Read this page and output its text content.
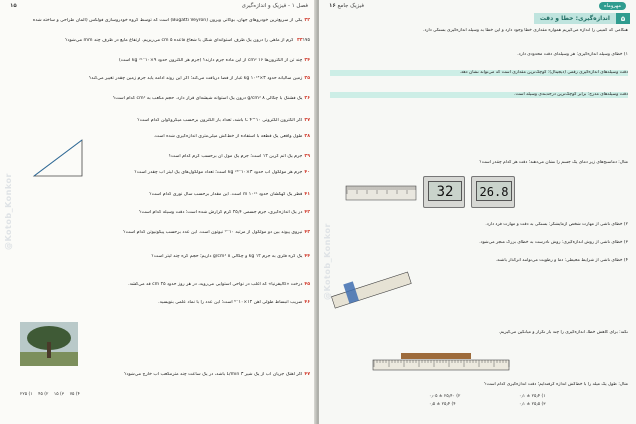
فصل ۱ - فیزیک و اندازه‌گیری
۱۵
@Kotob_Konkor
۳۲یکی از سریع‌ترین خودروهای جهان، بوگاتی ویرون (Bugatti Veyron) است که توسط گروه خودروسازی فولکس (آلمان طراحی و ساخته شده
۳۳۱۷۵ گرم از ماهی را درون یک ظرف استوانه‌ای شکل با شعاع قاعده ۵ cm می‌ریزیم. ارتفاع مایع در ظرف چند mm می‌شود؟
۳۴چند تن از الکترون‌ها ۱۶ cm² از این ماده جرم دارند؟ (جرم هر الکترون حدود ۹×۱۰⁻³¹ kg است)
۳۵زمین سالیانه حدود ۳×۱۰¹⁴ kg غبار از فضا دریافت می‌کند؛ اگر این روند ادامه یابد جرم زمین چقدر تغییر می‌کند؟
۳۶یک فشنگ با چگالی ۸ g/cm³ درون یک استوانه شیشه‌ای قرار دارد. حجم مکعب به cm³ کدام است؟
۳۷اگر الکترون الکترونی ۱۰^۴ C باشد، تعداد بار الکترون برحسب میکروکولن کدام است؟
۳۸طول واقعی یک قطعه با استفاده از خط‌کش میلی‌متری اندازه‌گیری شده است.
۳۹جرم یک اتم کربن ۱۲ است؛ جرم یک مول آن برحسب گرم کدام است؟
۴۰جرم هر مولکول آب حدود ۳×۱۰⁻²⁶ kg است؛ تعداد مولکول‌های یک لیتر آب چقدر است؟
۴۱قطر یک کهکشان حدود ۱۰²¹ m است. این مقدار برحسب سال نوری کدام است؟
۴۲در یک اندازه‌گیری، جرم جسمی ۲۵٫۴ گرم گزارش شده است؛ دقت وسیله کدام است؟
۴۳نیروی پیوند بین دو مولکول از مرتبه ۱۰⁻⁹ نیوتون است. این عدد برحسب پیکونیوتن کدام است؟
۴۴یک کره فلزی به جرم ۱۲ kg و چگالی ۸ g/cm³ داریم؛ حجم کره چند لیتر است؟
۴۵درخت «کالیفرنیا» که اغلب در نواحی استوایی می‌روید، در هر روز حدود ۲۵ cm قد می‌کشد.
۴۶ضریب انبساط طولی آهن ۱۲×۱۰⁻⁶ است؛ این عدد را با نماد علمی بنویسید.
۴۷اگر آهنگ جریان آب از یک شیر ۳ L/min باشد، در یک ساعت چند مترمکعب آب خارج می‌شود؟
۴) ۷۵    ۳) ۱۵    ۲) ۴۵    ۱) ۲۲۵
مهروماه
فیزیک جامع ۱۶
اندازه‌گیری: خطا و دقت	۵
@Kotob_Konkor
هنگامی که کمیتی را اندازه می‌گیریم همواره مقداری خطا وجود دارد و این خطا به وسیله اندازه‌گیری بستگی دارد.
۱) خطای وسیله اندازه‌گیری: هر وسیله‌ای دقت محدودی دارد.
دقت وسیله‌های اندازه‌گیری رقمی (دیجیتال): کوچک‌ترین مقداری است که می‌تواند نشان دهد.
دقت وسیله‌های مدرج: برابر کوچک‌ترین درجه‌بندی وسیله است.
مثال: دماسنج‌های زیر دمای یک جسم را نشان می‌دهند؛ دقت هر کدام چقدر است؟
۲) خطای ناشی از مهارت شخص آزمایشگر: بستگی به دقت و مهارت فرد دارد.
۳) خطای ناشی از روش اندازه‌گیری: روش نادرست به خطای بزرگ منجر می‌شود.
۴) خطای ناشی از شرایط محیطی: دما و رطوبت می‌توانند اثرگذار باشند.
نکته: برای کاهش خطا، اندازه‌گیری را چند بار تکرار و میانگین می‌گیریم.
مثال: طول یک میله را با خط‌کش اندازه گرفته‌ایم؛ دقت اندازه‌گیری کدام است؟
32	26.8
۱) ۲۵٫۴ ± ۰٫۱
۲) ۲۵٫۴۰ ± ۰٫۰۵
۳) ۲۵٫۵ ± ۰٫۱
۴) ۲۵٫۴ ± ۰٫۵
